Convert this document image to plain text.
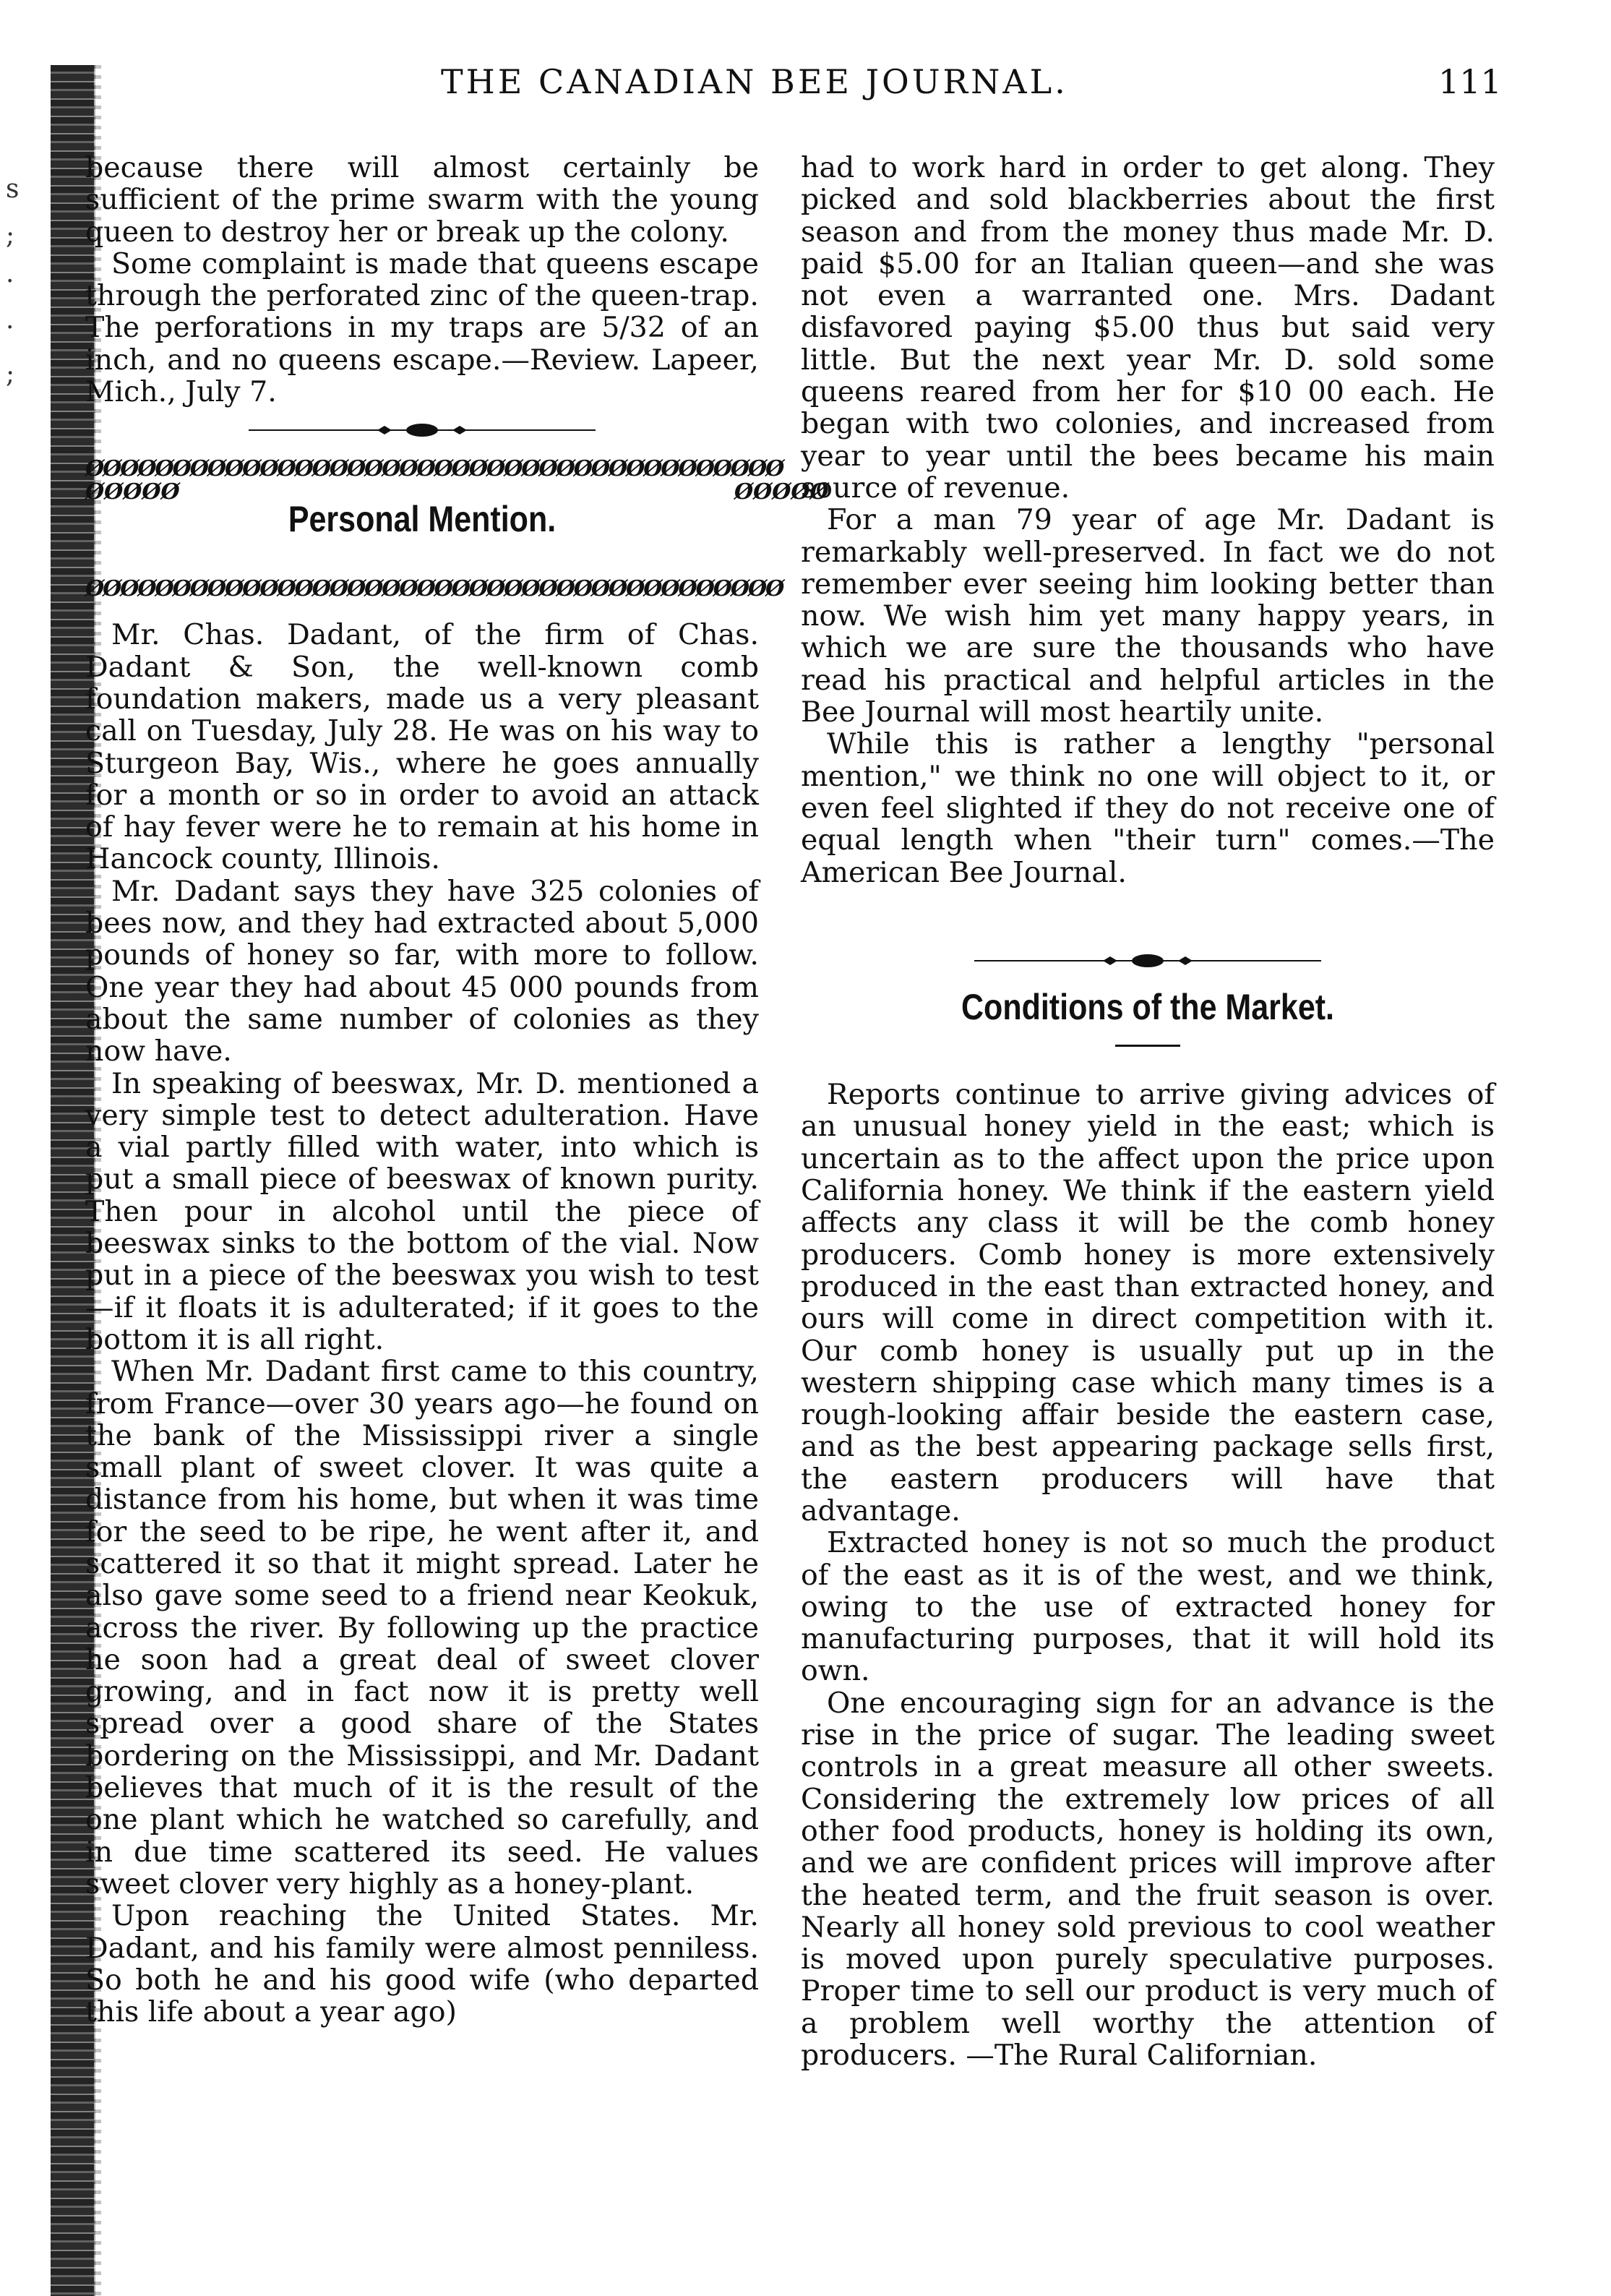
s
;
·
·
;
THE CANADIAN BEE JOURNAL.	111

because there will almost certainly be sufficient of the prime swarm with the young queen to destroy her or break up the colony.

Some complaint is made that queens escape through the perforated zinc of the queen-trap. The perforations in my traps are 5/32 of an inch, and no queens escape.—Review. Lapeer, Mich., July 7.

ØØØØØØØØØØØØØØØØØØØØØØØØØØØØØØØØØØØØØØØØ
ØØØØØ
Personal Mention.
ØØØØØ
ØØØØØØØØØØØØØØØØØØØØØØØØØØØØØØØØØØØØØØØØ

Mr. Chas. Dadant, of the firm of Chas. Dadant & Son, the well-known comb foundation makers, made us a very pleasant call on Tuesday, July 28. He was on his way to Sturgeon Bay, Wis., where he goes annually for a month or so in order to avoid an attack of hay fever were he to remain at his home in Hancock county, Illinois.

Mr. Dadant says they have 325 colonies of bees now, and they had extracted about 5,000 pounds of honey so far, with more to follow. One year they had about 45 000 pounds from about the same number of colonies as they now have.

In speaking of beeswax, Mr. D. mentioned a very simple test to detect adulteration. Have a vial partly filled with water, into which is put a small piece of beeswax of known purity. Then pour in alcohol until the piece of beeswax sinks to the bottom of the vial. Now put in a piece of the beeswax you wish to test—if it floats it is adulterated; if it goes to the bottom it is all right.

When Mr. Dadant first came to this country, from France—over 30 years ago—he found on the bank of the Mississippi river a single small plant of sweet clover. It was quite a distance from his home, but when it was time for the seed to be ripe, he went after it, and scattered it so that it might spread. Later he also gave some seed to a friend near Keokuk, across the river. By following up the practice he soon had a great deal of sweet clover growing, and in fact now it is pretty well spread over a good share of the States bordering on the Mississippi, and Mr. Dadant believes that much of it is the result of the one plant which he watched so carefully, and in due time scattered its seed. He values sweet clover very highly as a honey-plant.

Upon reaching the United States. Mr. Dadant, and his family were almost penniless. So both he and his good wife (who departed this life about a year ago)

had to work hard in order to get along. They picked and sold blackberries about the first season and from the money thus made Mr. D. paid $5.00 for an Italian queen—and she was not even a warranted one. Mrs. Dadant disfavored paying $5.00 thus but said very little. But the next year Mr. D. sold some queens reared from her for $10 00 each. He began with two colonies, and increased from year to year until the bees became his main source of revenue.

For a man 79 year of age Mr. Dadant is remarkably well-preserved. In fact we do not remember ever seeing him looking better than now. We wish him yet many happy years, in which we are sure the thousands who have read his practical and helpful articles in the Bee Journal will most heartily unite.

While this is rather a lengthy "personal mention," we think no one will object to it, or even feel slighted if they do not receive one of equal length when "their turn" comes.—The American Bee Journal.

Conditions of the Market.

Reports continue to arrive giving advices of an unusual honey yield in the east; which is uncertain as to the affect upon the price upon California honey. We think if the eastern yield affects any class it will be the comb honey producers. Comb honey is more extensively produced in the east than extracted honey, and ours will come in direct competition with it. Our comb honey is usually put up in the western shipping case which many times is a rough-looking affair beside the eastern case, and as the best appearing package sells first, the eastern producers will have that advantage.

Extracted honey is not so much the product of the east as it is of the west, and we think, owing to the use of extracted honey for manufacturing purposes, that it will hold its own.

One encouraging sign for an advance is the rise in the price of sugar. The leading sweet controls in a great measure all other sweets. Considering the extremely low prices of all other food products, honey is holding its own, and we are confident prices will improve after the heated term, and the fruit season is over. Nearly all honey sold previous to cool weather is moved upon purely speculative purposes. Proper time to sell our product is very much of a problem well worthy the attention of producers. —The Rural Californian.
